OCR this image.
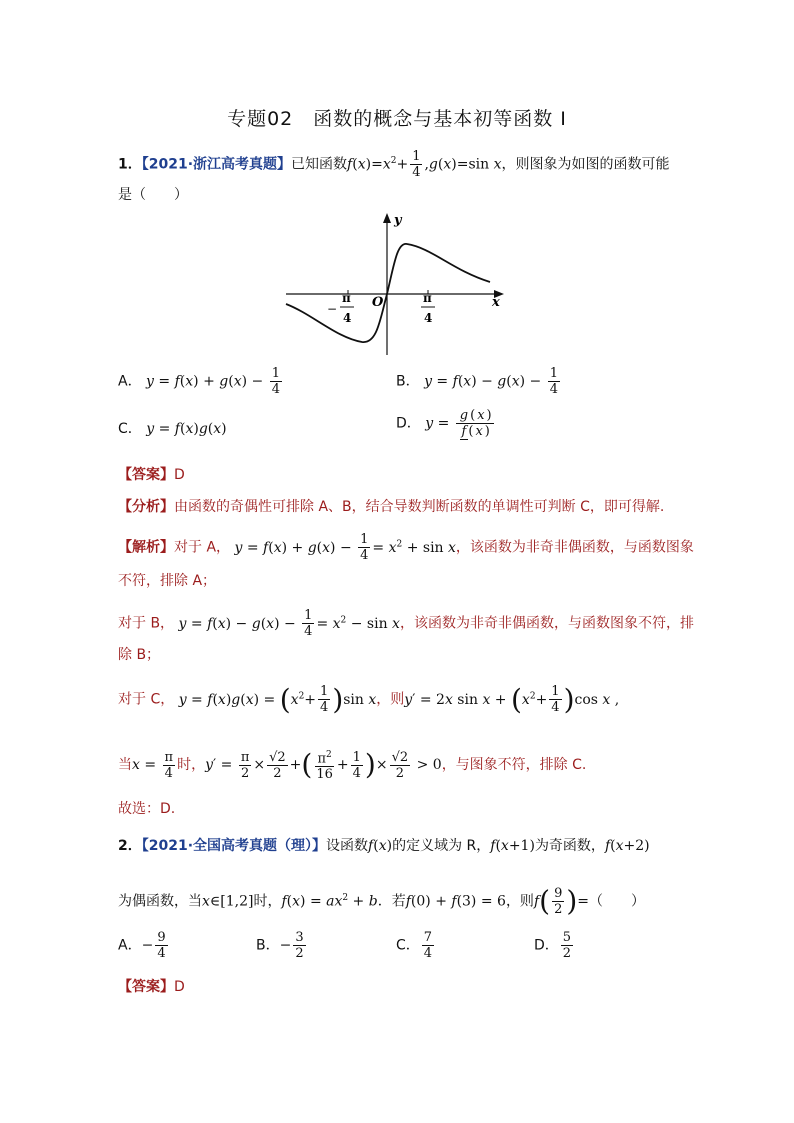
专题02　函数的概念与基本初等函数 I
1．【2021·浙江高考真题】已知函数$f(x)=x^2+ \frac{1}{4} ,g(x)=\sin$ x，则图象为如图的函数可能
是（　　）
y
x
O
−
π
4
π
4
A． $y = f(x) + g(x) - \frac{1}{4}$	B． $y = f(x) - g(x) - \frac{1}{4}$
C． y = f(x)g(x)	D． $y = \frac{g ( x )}{f ( x )}$
【答案】D
【分析】由函数的奇偶性可排除 A、B，结合导数判断函数的单调性可判断 C，即可得解.
【解析】对于 A， $y = f(x) + g(x) - \frac{1}{4} = x^2 + \sin x$，该函数为非奇非偶函数，与函数图象
不符，排除 A；
对于 B， $y = f(x) - g(x) - \frac{1}{4} = x^2 - \sin x$，该函数为非奇非偶函数，与函数图象不符，排
除 B；
对于 C， $y = f(x)g(x) = (x^2+ \frac{1}{4} )\sin$ x，则y′ = 2x $\sin x + (x^2+ \frac{1}{4} )\cos$ x ,
当$x = \frac{\pi}{4}$ 时，$y' = \frac{\pi}{2} \times \frac{√2}{2}$ +( $\frac{\pi^2}{16} + \frac{1}{4}$ )× $\frac{√2}{2} > 0$，与图象不符，排除 C.
故选：D.
2．【2021·全国高考真题（理）】设函数f(x)的定义域为 R，f(x+1)为奇函数，f(x+2)
为偶函数，当x∈[1,2]时，$f(x) = ax^2 + b$．若f(0) + f(3) = 6，则$f( \frac{9}{2}$ )=（　　）
A．− $\frac{9}{4}$	B．− $\frac{3}{2}$	C． $\frac{7}{4}$	D． $\frac{5}{2}$
【答案】D
